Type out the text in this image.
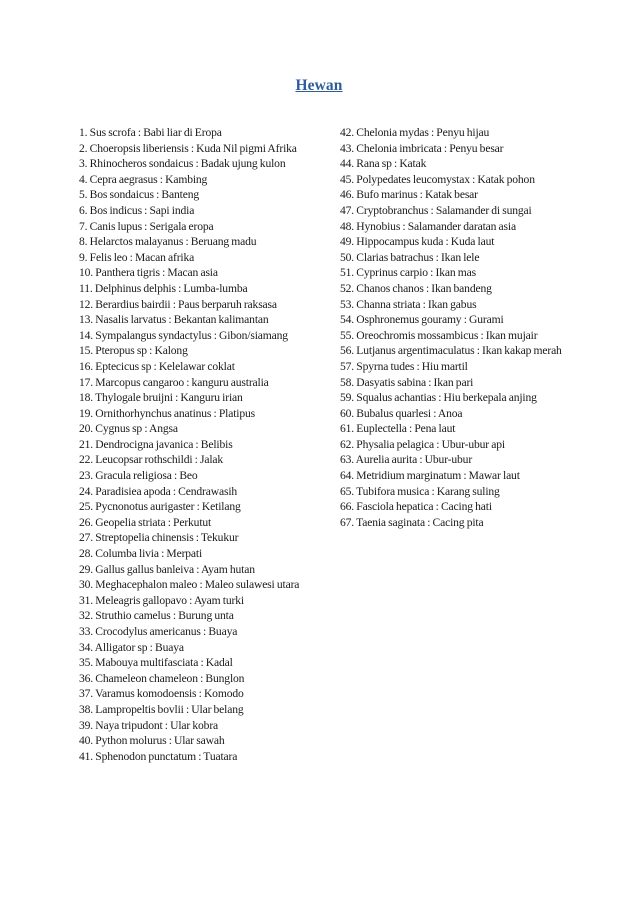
Hewan
1. Sus scrofa : Babi liar di Eropa
2. Choeropsis liberiensis : Kuda Nil pigmi Afrika
3. Rhinocheros sondaicus : Badak ujung kulon
4. Cepra aegrasus : Kambing
5. Bos sondaicus : Banteng
6. Bos indicus : Sapi india
7. Canis lupus : Serigala eropa
8. Helarctos malayanus : Beruang madu
9. Felis leo : Macan afrika
10. Panthera tigris : Macan asia
11. Delphinus delphis : Lumba-lumba
12. Berardius bairdii : Paus berparuh raksasa
13. Nasalis larvatus : Bekantan kalimantan
14. Sympalangus syndactylus : Gibon/siamang
15. Pteropus sp : Kalong
16. Eptecicus sp : Kelelawar coklat
17. Marcopus cangaroo : kanguru australia
18. Thylogale bruijni : Kanguru irian
19. Ornithorhynchus anatinus : Platipus
20. Cygnus sp : Angsa
21. Dendrocigna javanica : Belibis
22. Leucopsar rothschildi : Jalak
23. Gracula religiosa : Beo
24. Paradisiea apoda : Cendrawasih
25. Pycnonotus aurigaster : Ketilang
26. Geopelia striata : Perkutut
27. Streptopelia chinensis : Tekukur
28. Columba livia : Merpati
29. Gallus gallus banleiva : Ayam hutan
30. Meghacephalon maleo : Maleo sulawesi utara
31. Meleagris gallopavo : Ayam turki
32. Struthio camelus : Burung unta
33. Crocodylus americanus : Buaya
34. Alligator sp : Buaya
35. Mabouya multifasciata : Kadal
36. Chameleon chameleon : Bunglon
37. Varamus komodoensis : Komodo
38. Lampropeltis bovlii : Ular belang
39. Naya tripudont : Ular kobra
40. Python molurus : Ular sawah
41. Sphenodon punctatum : Tuatara
42. Chelonia mydas : Penyu hijau
43. Chelonia imbricata : Penyu besar
44. Rana sp : Katak
45. Polypedates leucomystax : Katak pohon
46. Bufo marinus : Katak besar
47. Cryptobranchus : Salamander di sungai
48. Hynobius : Salamander daratan asia
49. Hippocampus kuda : Kuda laut
50. Clarias batrachus : Ikan lele
51. Cyprinus carpio : Ikan mas
52. Chanos chanos : Ikan bandeng
53. Channa striata : Ikan gabus
54. Osphronemus gouramy : Gurami
55. Oreochromis mossambicus : Ikan mujair
56. Lutjanus argentimaculatus : Ikan kakap merah
57. Spyrna tudes : Hiu martil
58. Dasyatis sabina : Ikan pari
59. Squalus achantias : Hiu berkepala anjing
60. Bubalus quarlesi : Anoa
61. Euplectella : Pena laut
62. Physalia pelagica : Ubur-ubur api
63. Aurelia aurita : Ubur-ubur
64. Metridium marginatum : Mawar laut
65. Tubifora musica : Karang suling
66. Fasciola hepatica : Cacing hati
67. Taenia saginata : Cacing pita
